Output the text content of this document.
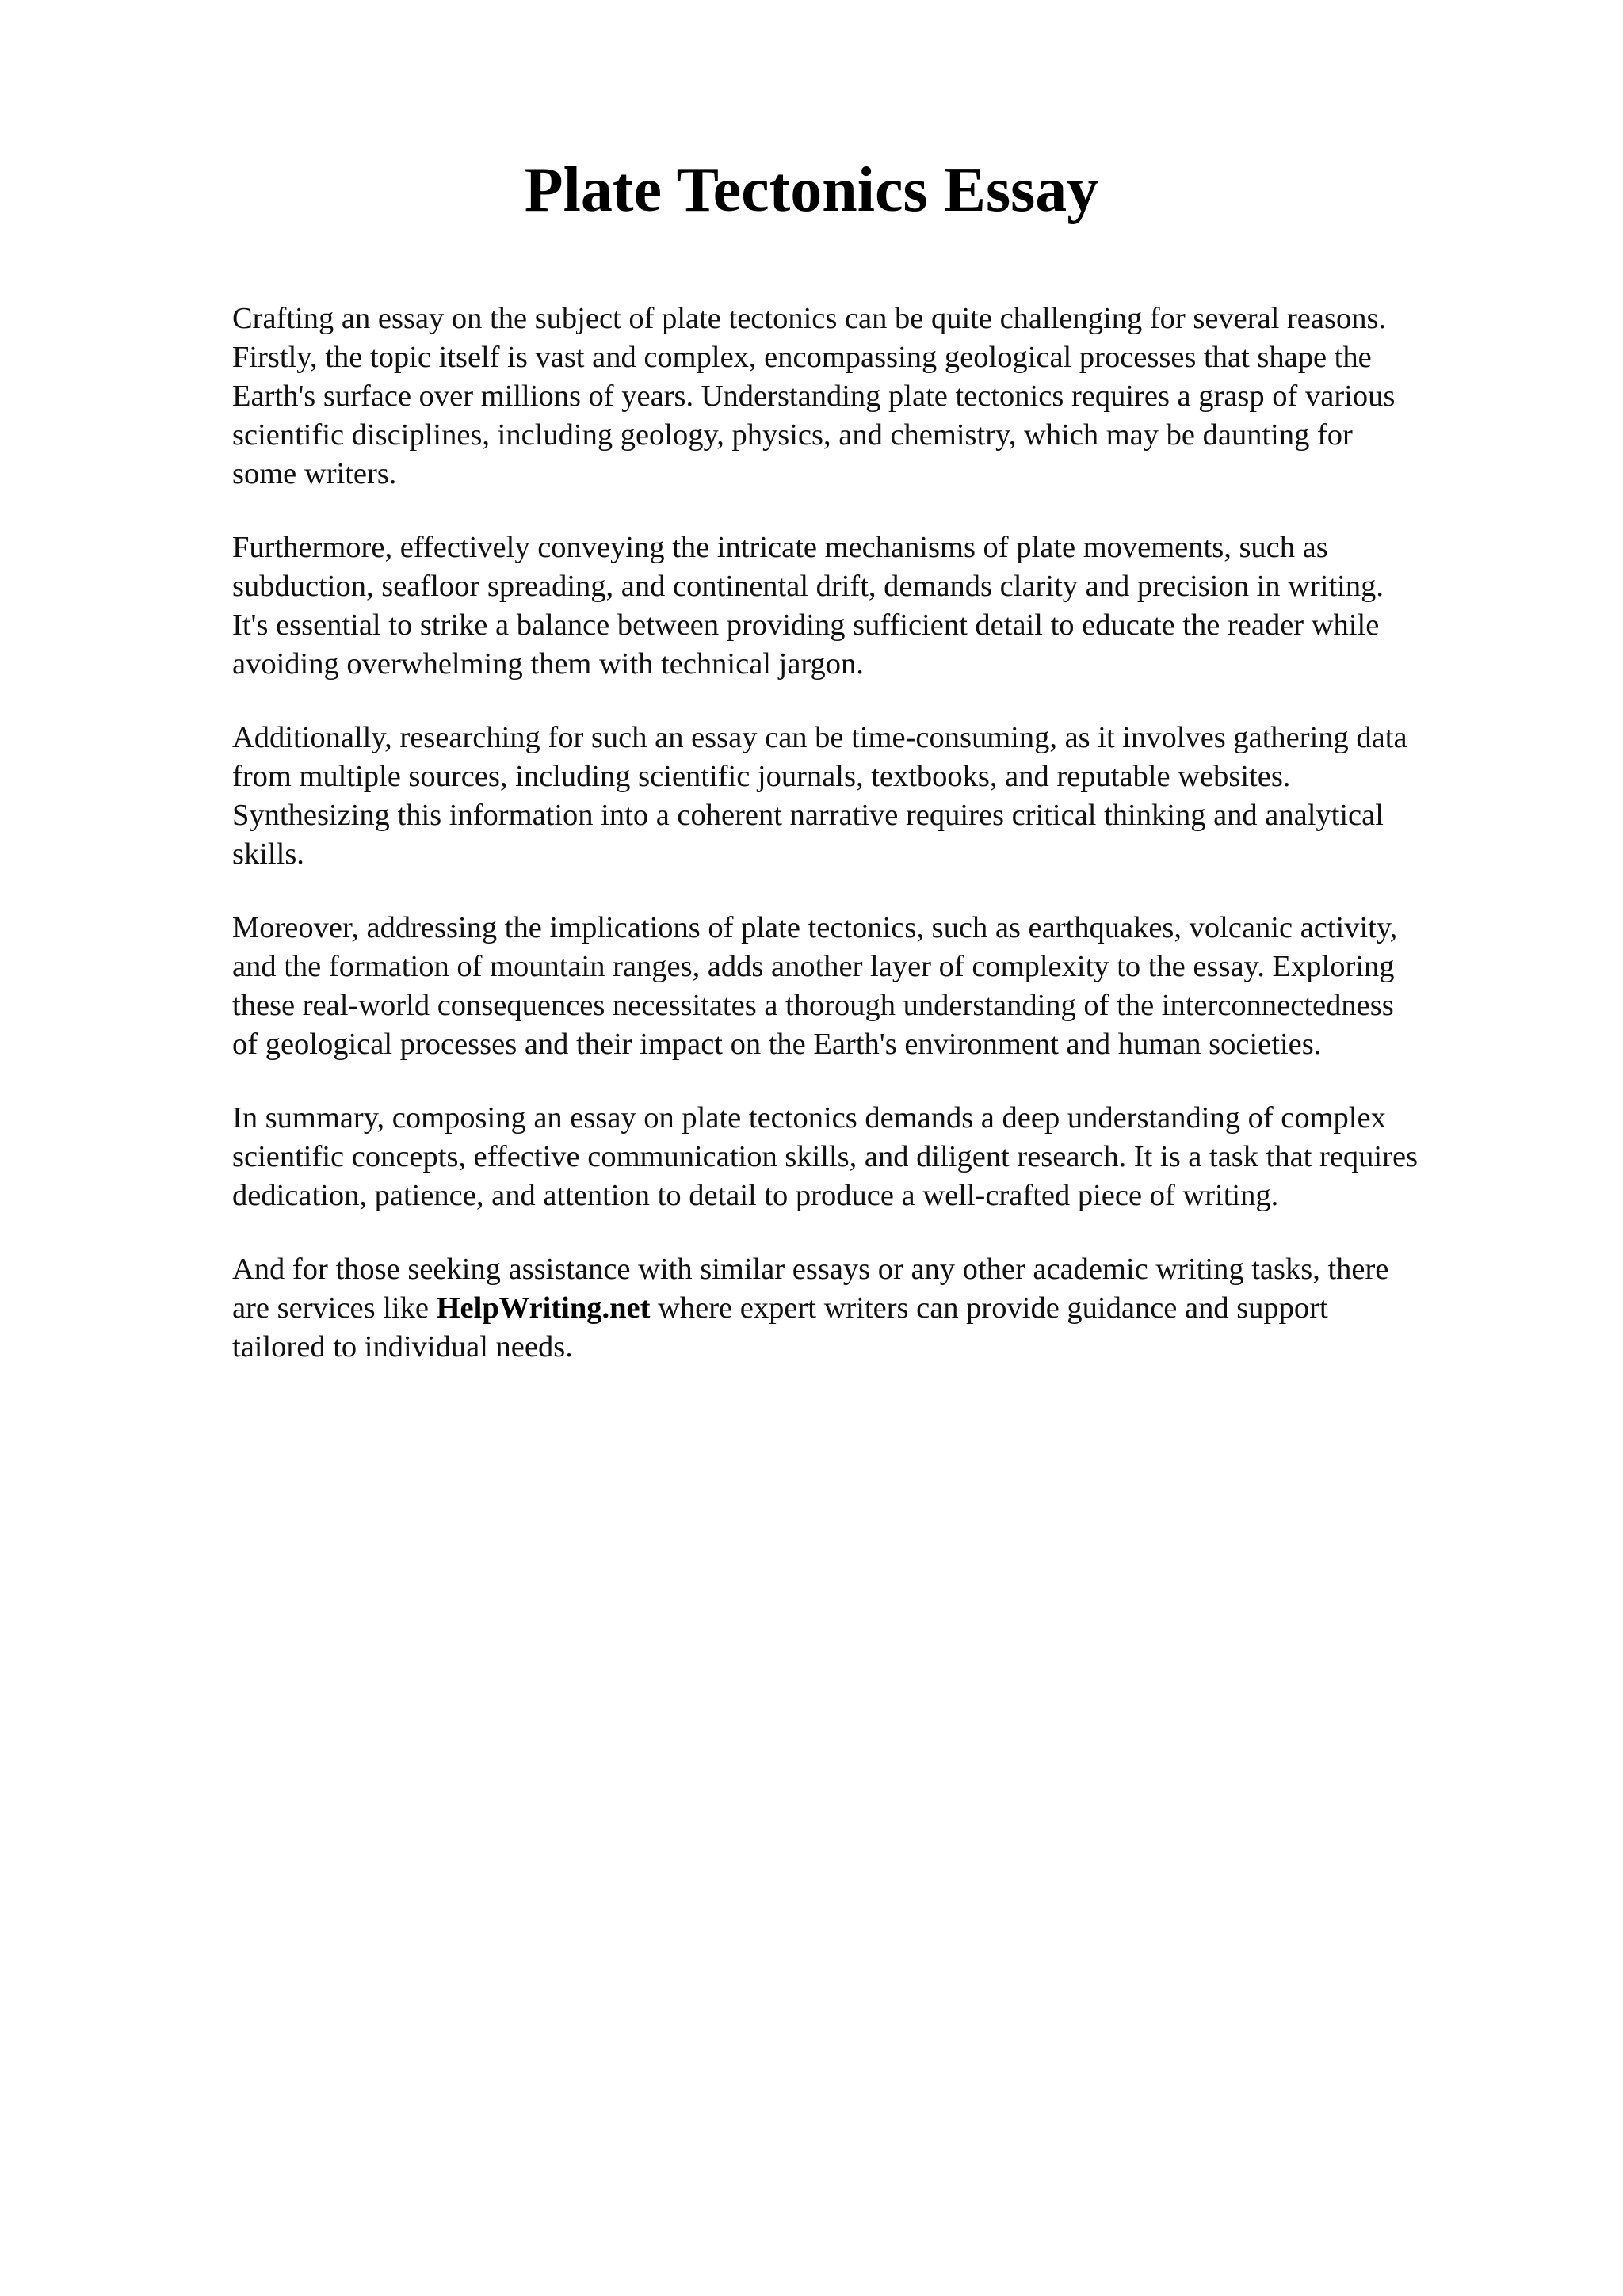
Plate Tectonics Essay

Crafting an essay on the subject of plate tectonics can be quite challenging for several reasons.
Firstly, the topic itself is vast and complex, encompassing geological processes that shape the
Earth's surface over millions of years. Understanding plate tectonics requires a grasp of various
scientific disciplines, including geology, physics, and chemistry, which may be daunting for
some writers.

Furthermore, effectively conveying the intricate mechanisms of plate movements, such as
subduction, seafloor spreading, and continental drift, demands clarity and precision in writing.
It's essential to strike a balance between providing sufficient detail to educate the reader while
avoiding overwhelming them with technical jargon.

Additionally, researching for such an essay can be time-consuming, as it involves gathering data
from multiple sources, including scientific journals, textbooks, and reputable websites.
Synthesizing this information into a coherent narrative requires critical thinking and analytical
skills.

Moreover, addressing the implications of plate tectonics, such as earthquakes, volcanic activity,
and the formation of mountain ranges, adds another layer of complexity to the essay. Exploring
these real-world consequences necessitates a thorough understanding of the interconnectedness
of geological processes and their impact on the Earth's environment and human societies.

In summary, composing an essay on plate tectonics demands a deep understanding of complex
scientific concepts, effective communication skills, and diligent research. It is a task that requires
dedication, patience, and attention to detail to produce a well-crafted piece of writing.

And for those seeking assistance with similar essays or any other academic writing tasks, there
are services like HelpWriting.net where expert writers can provide guidance and support
tailored to individual needs.
